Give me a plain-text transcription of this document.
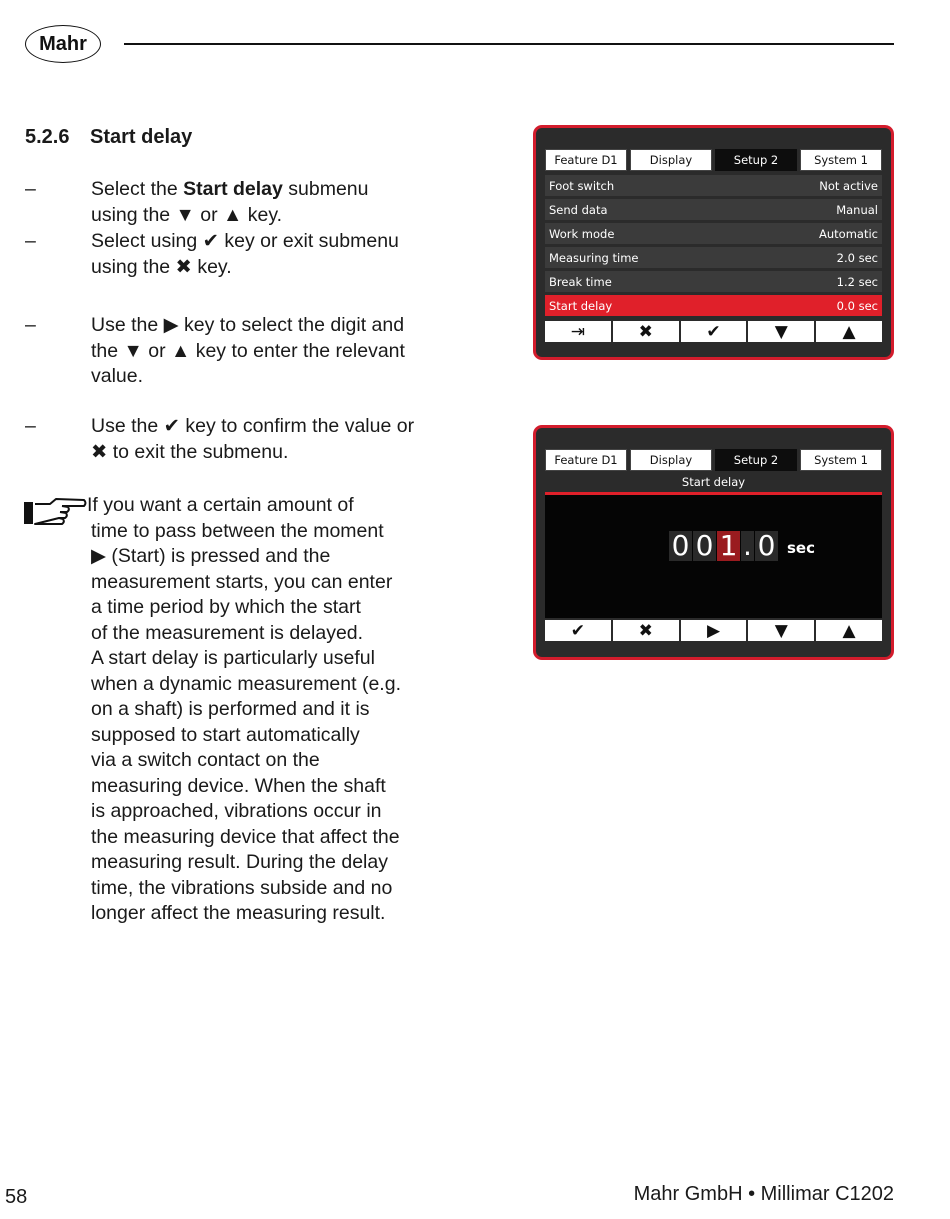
Mahr
5.2.6 Start delay
–	Select the Start delay submenu
using the ▼ or ▲ key.
–	Select using ✔ key or exit submenu
using the ✖ key.
–	Use the ▶ key to select the digit and
the ▼ or ▲ key to enter the relevant
value.
–	Use the ✔ key to confirm the value or
✖ to exit the submenu.
If you want a certain amount of
time to pass between the moment
▶ (Start) is pressed and the
measurement starts, you can enter
a time period by which the start
of the measurement is delayed.
A start delay is particularly useful
when a dynamic measurement (e.g.
on a shaft) is performed and it is
supposed to start automatically
via a switch contact on the
measuring device. When the shaft
is approached, vibrations occur in
the measuring device that affect the
measuring result. During the delay
time, the vibrations subside and no
longer affect the measuring result.
Feature D1	Display	Setup 2	System 1
Foot switch	Not active
Send data	Manual
Work mode	Automatic
Measuring time	2.0 sec
Break time	1.2 sec
Start delay	0.0 sec
⇥	✖	✔	▼	▲
Feature D1	Display	Setup 2	System 1
Start delay
0 0 1 . 0 sec
✔	✖	▶	▼	▲
58	Mahr GmbH • Millimar C1202
